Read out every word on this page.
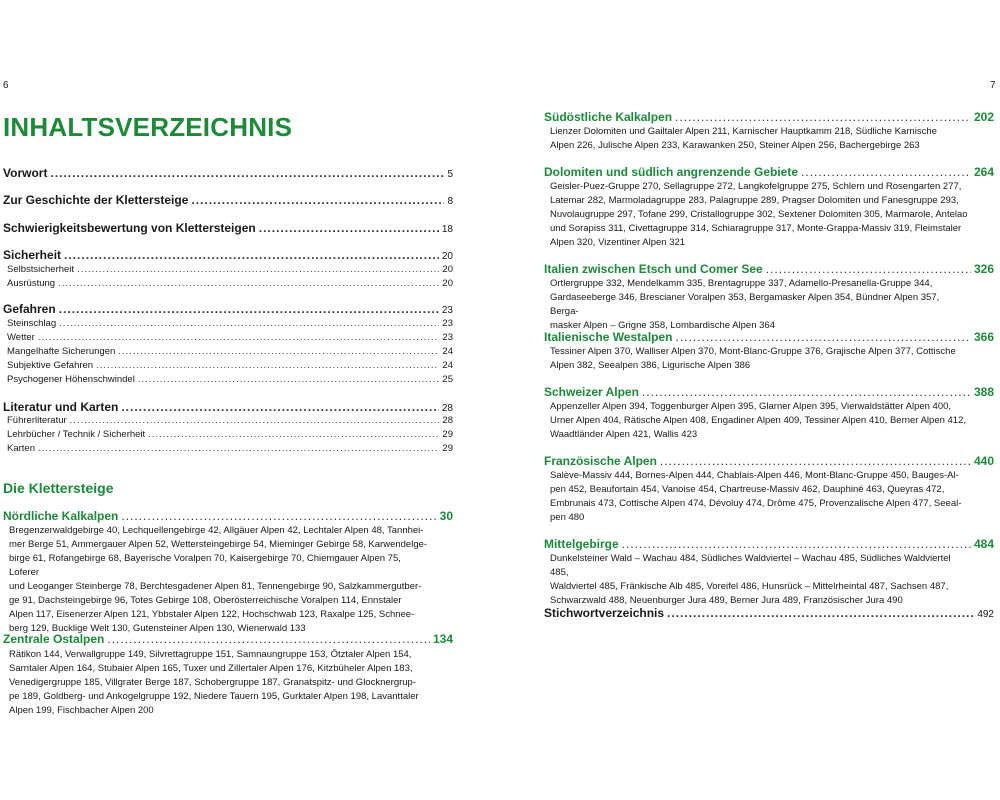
6	7
INHALTSVERZEICHNIS
Vorwort .....	5
Zur Geschichte der Klettersteige .....	8
Schwierigkeitsbewertung von Klettersteigen .....	18
Sicherheit .....	20
Selbstsicherheit .....	20
Ausrüstung .....	20
Gefahren .....	23
Steinschlag .....	23
Wetter .....	23
Mangelhafte Sicherungen .....	24
Subjektive Gefahren .....	24
Psychogener Höhenschwindel .....	25
Literatur und Karten .....	28
Führerliteratur .....	28
Lehrbücher / Technik / Sicherheit .....	29
Karten .....	29
Die Klettersteige
Nördliche Kalkalpen .....	30
Bregenzerwaldgebirge 40, Lechquellengebirge 42, Allgäuer Alpen 42, Lechtaler Alpen 48, Tannhei-
mer Berge 51, Ammergauer Alpen 52, Wettersteingebirge 54, Mieminger Gebirge 58, Karwendelge-
birge 61, Rofangebirge 68, Bayerische Voralpen 70, Kaisergebirge 70, Chiemgauer Alpen 75, Loferer
und Leoganger Steinberge 78, Berchtesgadener Alpen 81, Tennengebirge 90, Salzkammergutber-
ge 91, Dachsteingebirge 96, Totes Gebirge 108, Oberösterreichische Voralpen 114, Ennstaler
Alpen 117, Eisenerzer Alpen 121, Ybbstaler Alpen 122, Hochschwab 123, Raxalpe 125, Schnee-
berg 129, Bucklige Welt 130, Gutensteiner Alpen 130, Wienerwald 133
Zentrale Ostalpen .....	134
Rätikon 144, Verwallgruppe 149, Silvrettagruppe 151, Samnaungruppe 153, Ötztaler Alpen 154,
Sarntaler Alpen 164, Stubaier Alpen 165, Tuxer und Zillertaler Alpen 176, Kitzbüheler Alpen 183,
Venedigergruppe 185, Villgrater Berge 187, Schobergruppe 187, Granatspitz- und Glocknergrup-
pe 189, Goldberg- und Ankogelgruppe 192, Niedere Tauern 195, Gurktaler Alpen 198, Lavanttaler
Alpen 199, Fischbacher Alpen 200
Südöstliche Kalkalpen .....	202
Lienzer Dolomiten und Gailtaler Alpen 211, Karnischer Hauptkamm 218, Südliche Karnische
Alpen 226, Julische Alpen 233, Karawanken 250, Steiner Alpen 256, Bachergebirge 263
Dolomiten und südlich angrenzende Gebiete .....	264
Geisler-Puez-Gruppe 270, Sellagruppe 272, Langkofelgruppe 275, Schlern und Rosengarten 277,
Latemar 282, Marmoladagruppe 283, Palagruppe 289, Pragser Dolomiten und Fanesgruppe 293,
Nuvolaugruppe 297, Tofane 299, Cristallogruppe 302, Sextener Dolomiten 305, Marmarole, Antelao
und Sorapiss 311, Civettagruppe 314, Schiaragruppe 317, Monte-Grappa-Massiv 319, Fleimstaler
Alpen 320, Vizentiner Alpen 321
Italien zwischen Etsch und Comer See .....	326
Ortlergruppe 332, Mendelkamm 335, Brentagruppe 337, Adamello-Presanella-Gruppe 344,
Gardaseeberge 346, Brescianer Voralpen 353, Bergamasker Alpen 354, Bündner Alpen 357, Berga-
masker Alpen – Grigne 358, Lombardische Alpen 364
Italienische Westalpen .....	366
Tessiner Alpen 370, Walliser Alpen 370, Mont-Blanc-Gruppe 376, Grajische Alpen 377, Cottische
Alpen 382, Seealpen 386, Ligurische Alpen 386
Schweizer Alpen .....	388
Appenzeller Alpen 394, Toggenburger Alpen 395, Glarner Alpen 395, Vierwaldstätter Alpen 400,
Urner Alpen 404, Rätische Alpen 408, Engadiner Alpen 409, Tessiner Alpen 410, Berner Alpen 412,
Waadtländer Alpen 421, Wallis 423
Französische Alpen .....	440
Salève-Massiv 444, Bornes-Alpen 444, Chablais-Alpen 446, Mont-Blanc-Gruppe 450, Bauges-Al-
pen 452, Beaufortain 454, Vanoise 454, Chartreuse-Massiv 462, Dauphiné 463, Queyras 472,
Embrunais 473, Cottische Alpen 474, Dévoluy 474, Drôme 475, Provenzalische Alpen 477, Seeal-
pen 480
Mittelgebirge .....	484
Dunkelsteiner Wald – Wachau 484, Südliches Waldviertel – Wachau 485, Südliches Waldviertel 485,
Waldviertel 485, Fränkische Alb 485, Voreifel 486, Hunsrück – Mittelrheintal 487, Sachsen 487,
Schwarzwald 488, Neuenburger Jura 489, Berner Jura 489, Französischer Jura 490
Stichwortverzeichnis .....	492
